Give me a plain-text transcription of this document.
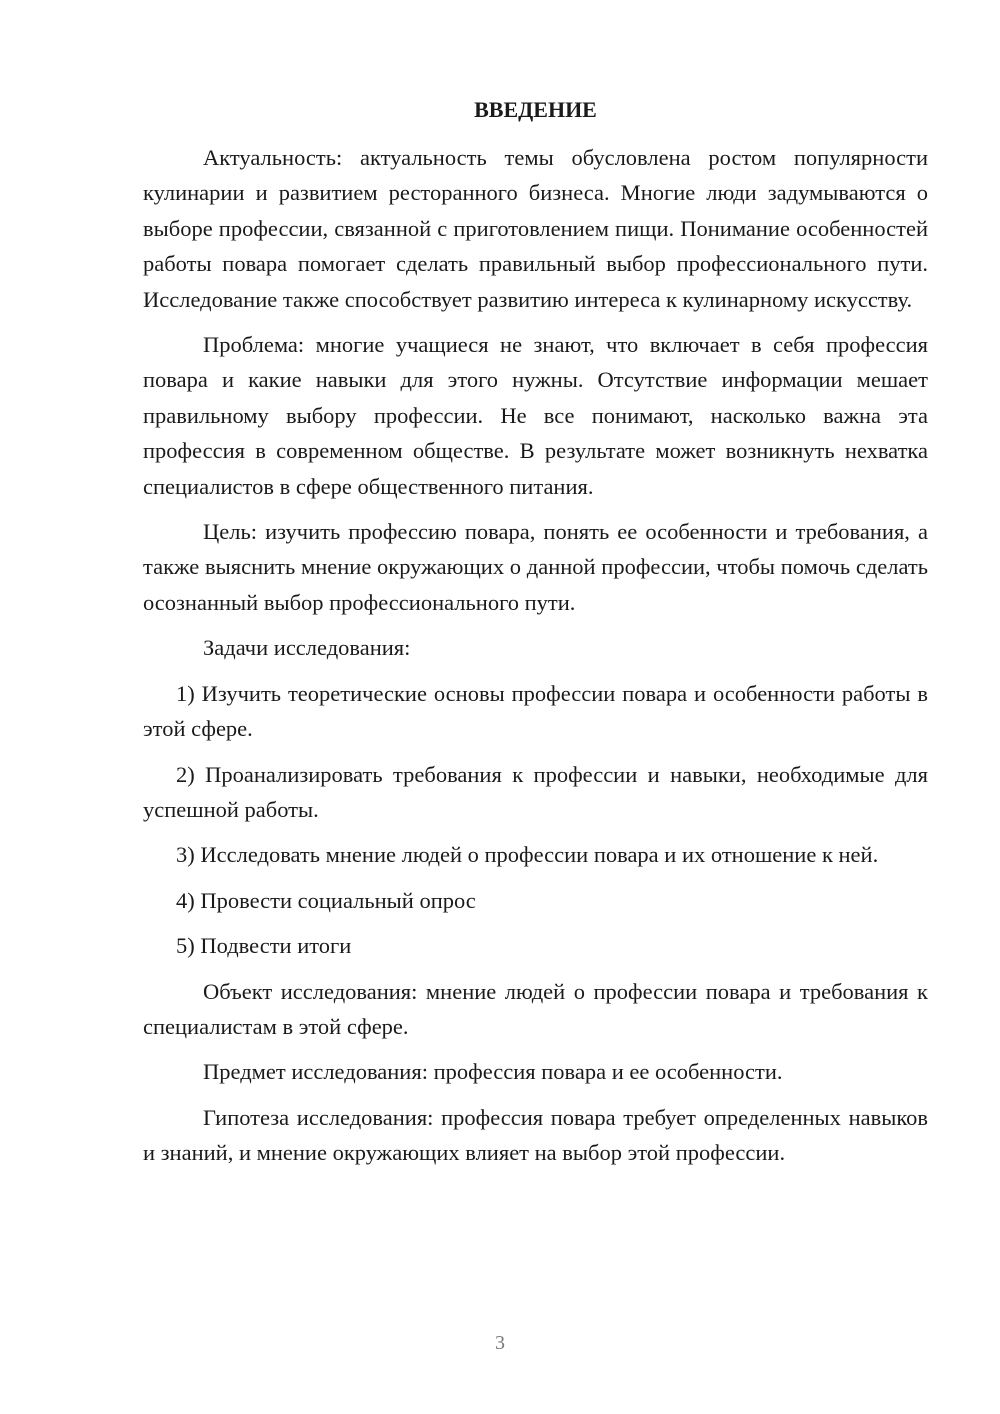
ВВЕДЕНИЕ

Актуальность: актуальность темы обусловлена ростом популярности кулинарии и развитием ресторанного бизнеса. Многие люди задумываются о выборе профессии, связанной с приготовлением пищи. Понимание особенностей работы повара помогает сделать правильный выбор профессионального пути. Исследование также способствует развитию интереса к кулинарному искусству.

Проблема: многие учащиеся не знают, что включает в себя профессия повара и какие навыки для этого нужны. Отсутствие информации мешает правильному выбору профессии. Не все понимают, насколько важна эта профессия в современном обществе. В результате может возникнуть нехватка специалистов в сфере общественного питания.

Цель: изучить профессию повара, понять ее особенности и требования, а также выяснить мнение окружающих о данной профессии, чтобы помочь сделать осознанный выбор профессионального пути.

Задачи исследования:

1) Изучить теоретические основы профессии повара и особенности работы в этой сфере.

2) Проанализировать требования к профессии и навыки, необходимые для успешной работы.

3) Исследовать мнение людей о профессии повара и их отношение к ней.

4) Провести социальный опрос

5) Подвести итоги

Объект исследования: мнение людей о профессии повара и требования к специалистам в этой сфере.

Предмет исследования: профессия повара и ее особенности.

Гипотеза исследования: профессия повара требует определенных навыков и знаний, и мнение окружающих влияет на выбор этой профессии.

3
